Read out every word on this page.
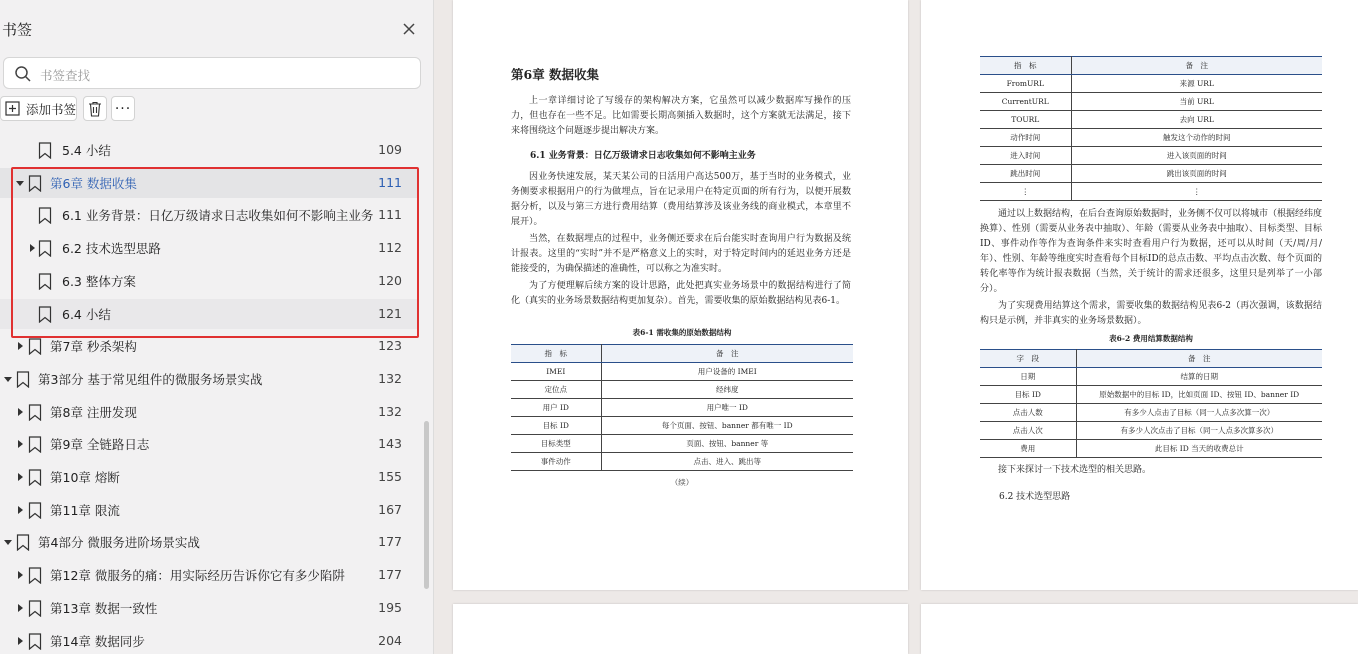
书签
书签查找
添加书签	···
5.4 小结	109
第6章 数据收集	111
6.1 业务背景：日亿万级请求日志收集如何不影响主业务 111
6.2 技术选型思路	112
6.3 整体方案	120
6.4 小结	121
第7章 秒杀架构	123
第3部分 基于常见组件的微服务场景实战	132
第8章 注册发现	132
第9章 全链路日志	143
第10章 熔断	155
第11章 限流	167
第4部分 微服务进阶场景实战	177
第12章 微服务的痛：用实际经历告诉你它有多少陷阱	177
第13章 数据一致性	195
第14章 数据同步	204
第6章 数据收集
上一章详细讨论了写缓存的架构解决方案，它虽然可以减少数据库写操作的压力，但也存在一些不足。比如需要长期高频插入数据时，这个方案就无法满足，接下来将围绕这个问题逐步提出解决方案。
6.1 业务背景：日亿万级请求日志收集如何不影响主业务
因业务快速发展，某天某公司的日活用户高达500万，基于当时的业务模式，业务侧要求根据用户的行为做埋点，旨在记录用户在特定页面的所有行为，以便开展数据分析，以及与第三方进行费用结算（费用结算涉及该业务线的商业模式，本章里不展开）。
当然，在数据埋点的过程中，业务侧还要求在后台能实时查询用户行为数据及统计报表。这里的“实时”并不是严格意义上的实时，对于特定时间内的延迟业务方还是能接受的，为确保描述的准确性，可以称之为准实时。
为了方便理解后续方案的设计思路，此处把真实业务场景中的数据结构进行了简化（真实的业务场景数据结构更加复杂）。首先，需要收集的原始数据结构见表6-1。
表6-1 需收集的原始数据结构
指　标	备　注
IMEI	用户设备的 IMEI
定位点	经纬度
用户 ID	用户唯一 ID
目标 ID	每个页面、按钮、banner 都有唯一 ID
目标类型	页面、按钮、banner 等
事件动作	点击、进入、跳出等
（续）
指　标	备　注
FromURL	来源 URL
CurrentURL	当前 URL
TOURL	去向 URL
动作时间	触发这个动作的时间
进入时间	进入该页面的时间
跳出时间	跳出该页面的时间
⋮	⋮
通过以上数据结构，在后台查询原始数据时，业务侧不仅可以将城市（根据经纬度换算）、性别（需要从业务表中抽取）、年龄（需要从业务表中抽取）、目标类型、目标ID、事件动作等作为查询条件来实时查看用户行为数据，还可以从时间（天/周/月/年）、性别、年龄等维度实时查看每个目标ID的总点击数、平均点击次数、每个页面的转化率等作为统计报表数据（当然，关于统计的需求还很多，这里只是列举了一小部分）。
为了实现费用结算这个需求，需要收集的数据结构见表6-2（再次强调，该数据结构只是示例，并非真实的业务场景数据）。
表6-2 费用结算数据结构
字　段	备　注
日期	结算的日期
目标 ID	原始数据中的目标 ID，比如页面 ID、按钮 ID、banner ID
点击人数	有多少人点击了目标（同一人点多次算一次）
点击人次	有多少人次点击了目标（同一人点多次算多次）
费用	此目标 ID 当天的收费总计
接下来探讨一下技术选型的相关思路。
6.2 技术选型思路
